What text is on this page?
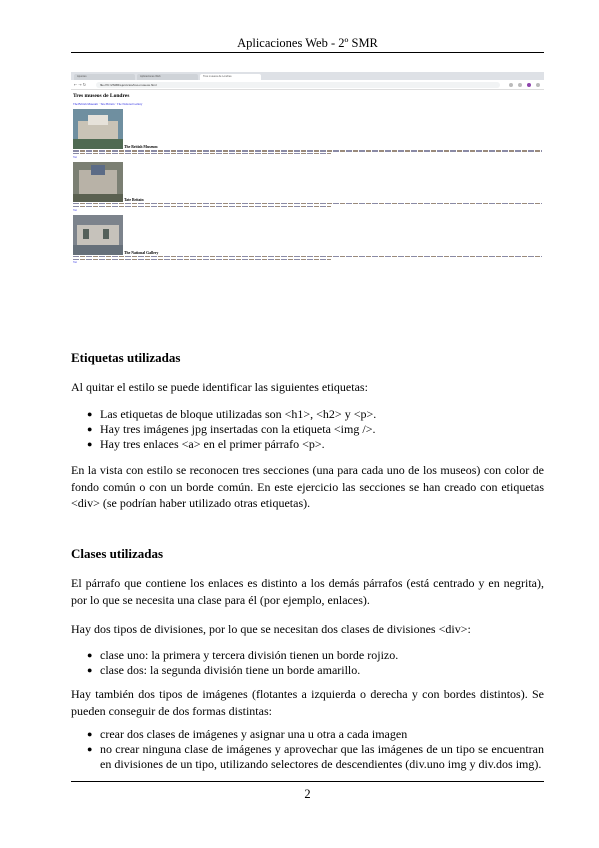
Aplicaciones Web - 2º SMR
Apuntes	Aplicaciones Web	Tres museos de Londres
←→↻	file:///C:/2SMR/ejercicios/tres-museos.html
Tres museos de Londres
The British Museum · Tate Britain · The National Gallery
The British Museum
Ver
Tate Britain
Ver
The National Gallery
Ver
Etiquetas utilizadas

Al quitar el estilo se puede identificar las siguientes etiquetas:

● Las etiquetas de bloque utilizadas son <h1>, <h2> y <p>.
● Hay tres imágenes jpg insertadas con la etiqueta <img />.
● Hay tres enlaces <a> en el primer párrafo <p>.

En la vista con estilo se reconocen tres secciones (una para cada uno de los museos) con color de fondo común o con un borde común. En este ejercicio las secciones se han creado con etiquetas <div> (se podrían haber utilizado otras etiquetas).

Clases utilizadas

El párrafo que contiene los enlaces es distinto a los demás párrafos (está centrado y en negrita), por lo que se necesita una clase para él (por ejemplo, enlaces).

Hay dos tipos de divisiones, por lo que se necesitan dos clases de divisiones <div>:

● clase uno: la primera y tercera división tienen un borde rojizo.
● clase dos: la segunda división tiene un borde amarillo.

Hay también dos tipos de imágenes (flotantes a izquierda o derecha y con bordes distintos). Se pueden conseguir de dos formas distintas:

● crear dos clases de imágenes y asignar una u otra a cada imagen
● no crear ninguna clase de imágenes y aprovechar que las imágenes de un tipo se encuentran en divisiones de un tipo, utilizando selectores de descendientes (div.uno img y div.dos img).
2
